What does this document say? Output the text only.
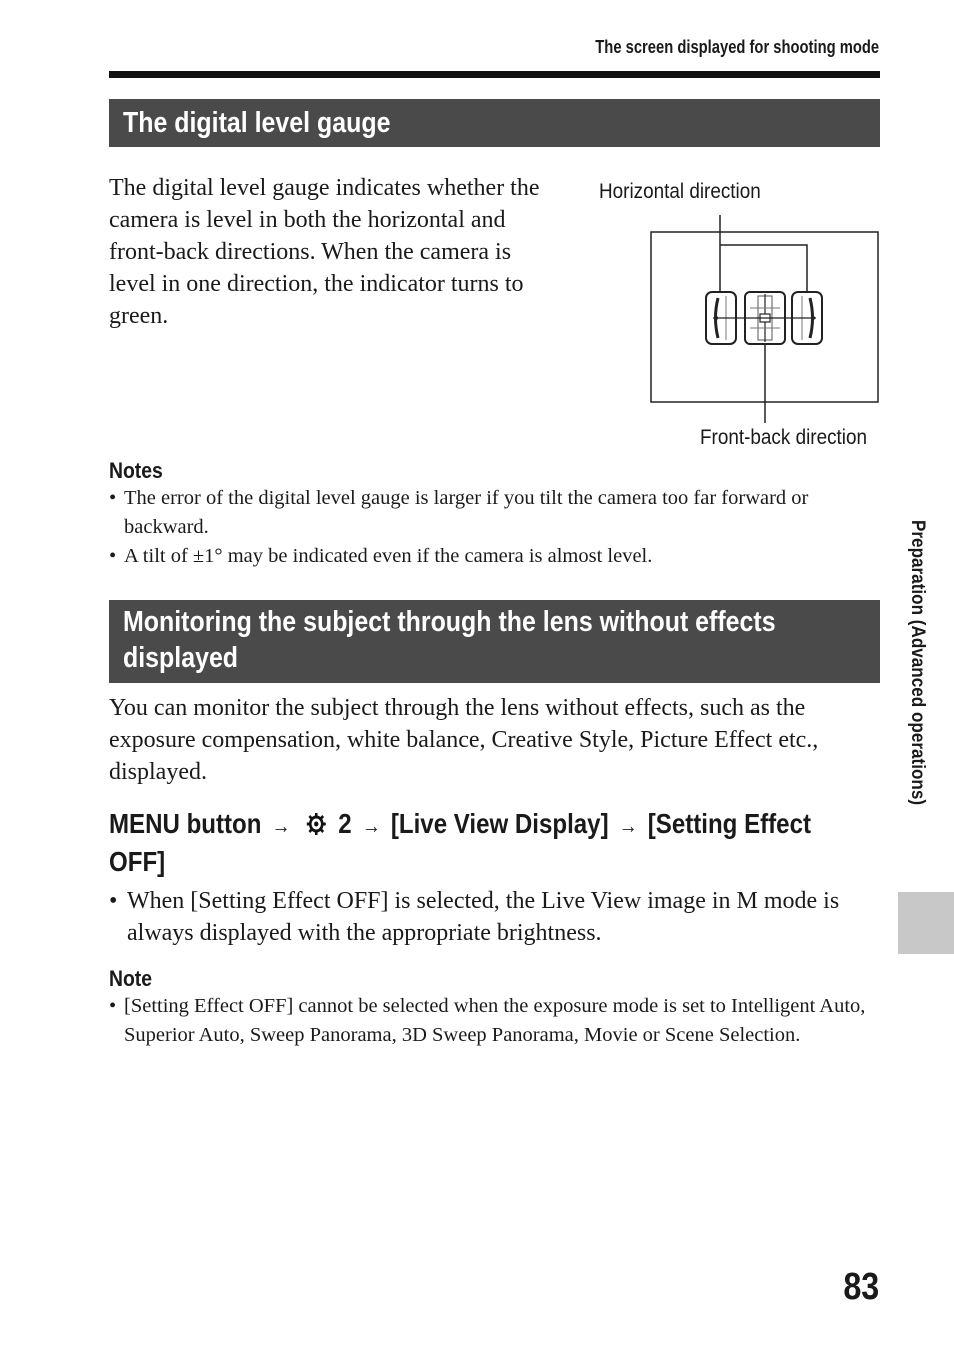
The screen displayed for shooting mode
The digital level gauge
The digital level gauge indicates whether the camera is level in both the horizontal and front-back directions. When the camera is level in one direction, the indicator turns to green.
Horizontal direction
Front-back direction
Notes
• The error of the digital level gauge is larger if you tilt the camera too far forward or backward.
• A tilt of ±1° may be indicated even if the camera is almost level.
Monitoring the subject through the lens without effects displayed
You can monitor the subject through the lens without effects, such as the exposure compensation, white balance, Creative Style, Picture Effect etc., displayed.
MENU button → 2 → [Live View Display] → [Setting Effect OFF]
• When [Setting Effect OFF] is selected, the Live View image in M mode is always displayed with the appropriate brightness.
Note
• [Setting Effect OFF] cannot be selected when the exposure mode is set to Intelligent Auto, Superior Auto, Sweep Panorama, 3D Sweep Panorama, Movie or Scene Selection.
Preparation (Advanced operations)
83
